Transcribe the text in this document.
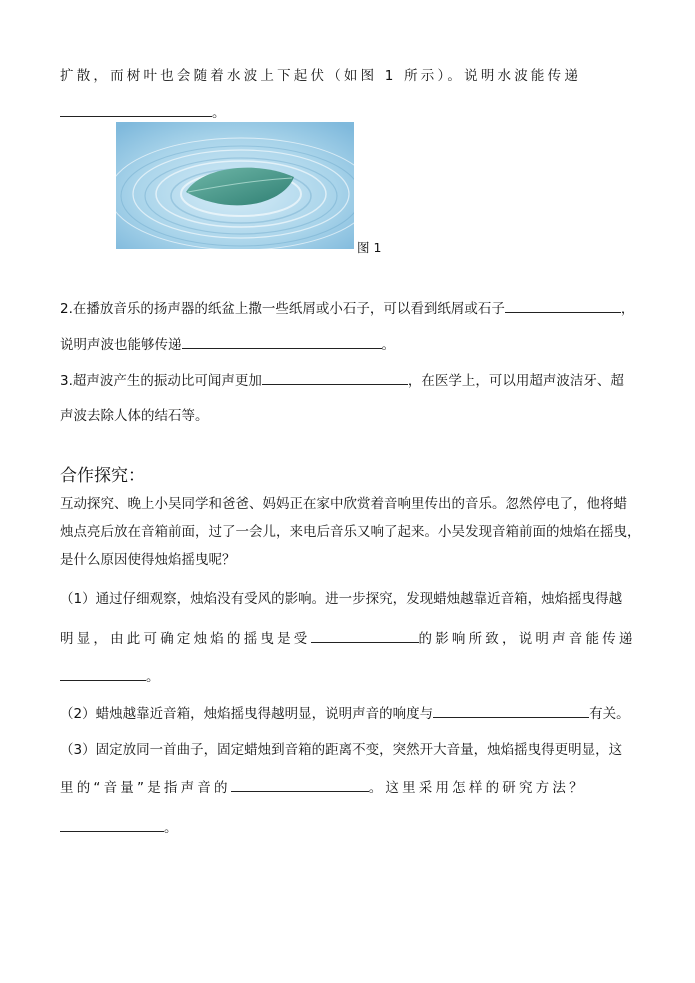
扩散，而树叶也会随着水波上下起伏（如图 1 所示）。说明水波能传递
。
图 1
2.在播放音乐的扬声器的纸盆上撒一些纸屑或小石子，可以看到纸屑或石子	，
说明声波也能够传递	。
3.超声波产生的振动比可闻声更加	，在医学上，可以用超声波洁牙、超
声波去除人体的结石等。
合作探究：
互动探究、晚上小吴同学和爸爸、妈妈正在家中欣赏着音响里传出的音乐。忽然停电了，他将蜡
烛点亮后放在音箱前面，过了一会儿，来电后音乐又响了起来。小吴发现音箱前面的烛焰在摇曳，
是什么原因使得烛焰摇曳呢？
（1）通过仔细观察，烛焰没有受风的影响。进一步探究，发现蜡烛越靠近音箱，烛焰摇曳得越
明显，由此可确定烛焰的摇曳是受	的影响所致，说明声音能传递
。
（2）蜡烛越靠近音箱，烛焰摇曳得越明显，说明声音的响度与	有关。
（3）固定放同一首曲子，固定蜡烛到音箱的距离不变，突然开大音量，烛焰摇曳得更明显，这
里的“音量”是指声音的	。这里采用怎样的研究方法？
。
